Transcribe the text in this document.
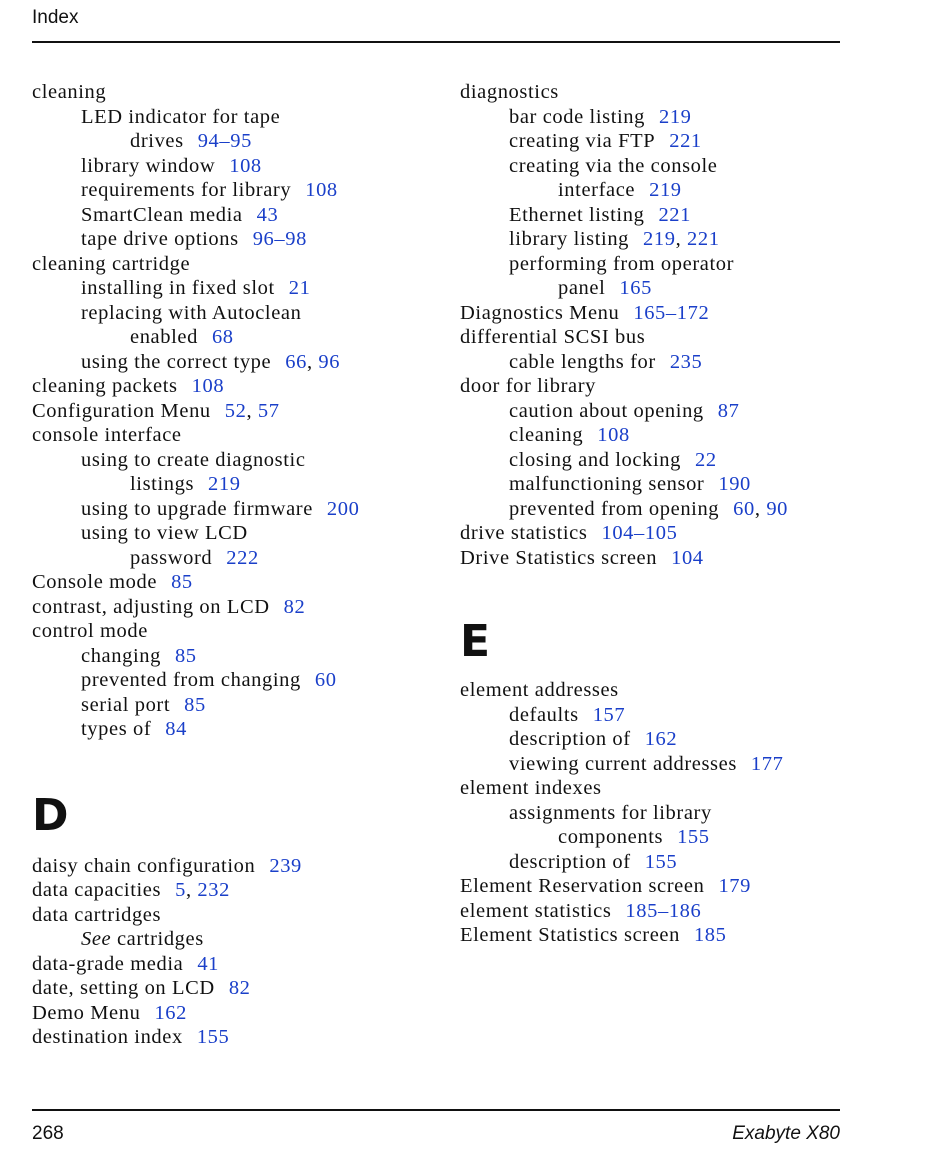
Index
cleaning
LED indicator for tape
drives 94–95
library window 108
requirements for library 108
SmartClean media 43
tape drive options 96–98
cleaning cartridge
installing in fixed slot 21
replacing with Autoclean
enabled 68
using the correct type 66, 96
cleaning packets 108
Configuration Menu 52, 57
console interface
using to create diagnostic
listings 219
using to upgrade firmware 200
using to view LCD
password 222
Console mode 85
contrast, adjusting on LCD 82
control mode
changing 85
prevented from changing 60
serial port 85
types of 84
D
daisy chain configuration 239
data capacities 5, 232
data cartridges
See cartridges
data-grade media 41
date, setting on LCD 82
Demo Menu 162
destination index 155
diagnostics
bar code listing 219
creating via FTP 221
creating via the console
interface 219
Ethernet listing 221
library listing 219, 221
performing from operator
panel 165
Diagnostics Menu 165–172
differential SCSI bus
cable lengths for 235
door for library
caution about opening 87
cleaning 108
closing and locking 22
malfunctioning sensor 190
prevented from opening 60, 90
drive statistics 104–105
Drive Statistics screen 104
E
element addresses
defaults 157
description of 162
viewing current addresses 177
element indexes
assignments for library
components 155
description of 155
Element Reservation screen 179
element statistics 185–186
Element Statistics screen 185
268	Exabyte X80
